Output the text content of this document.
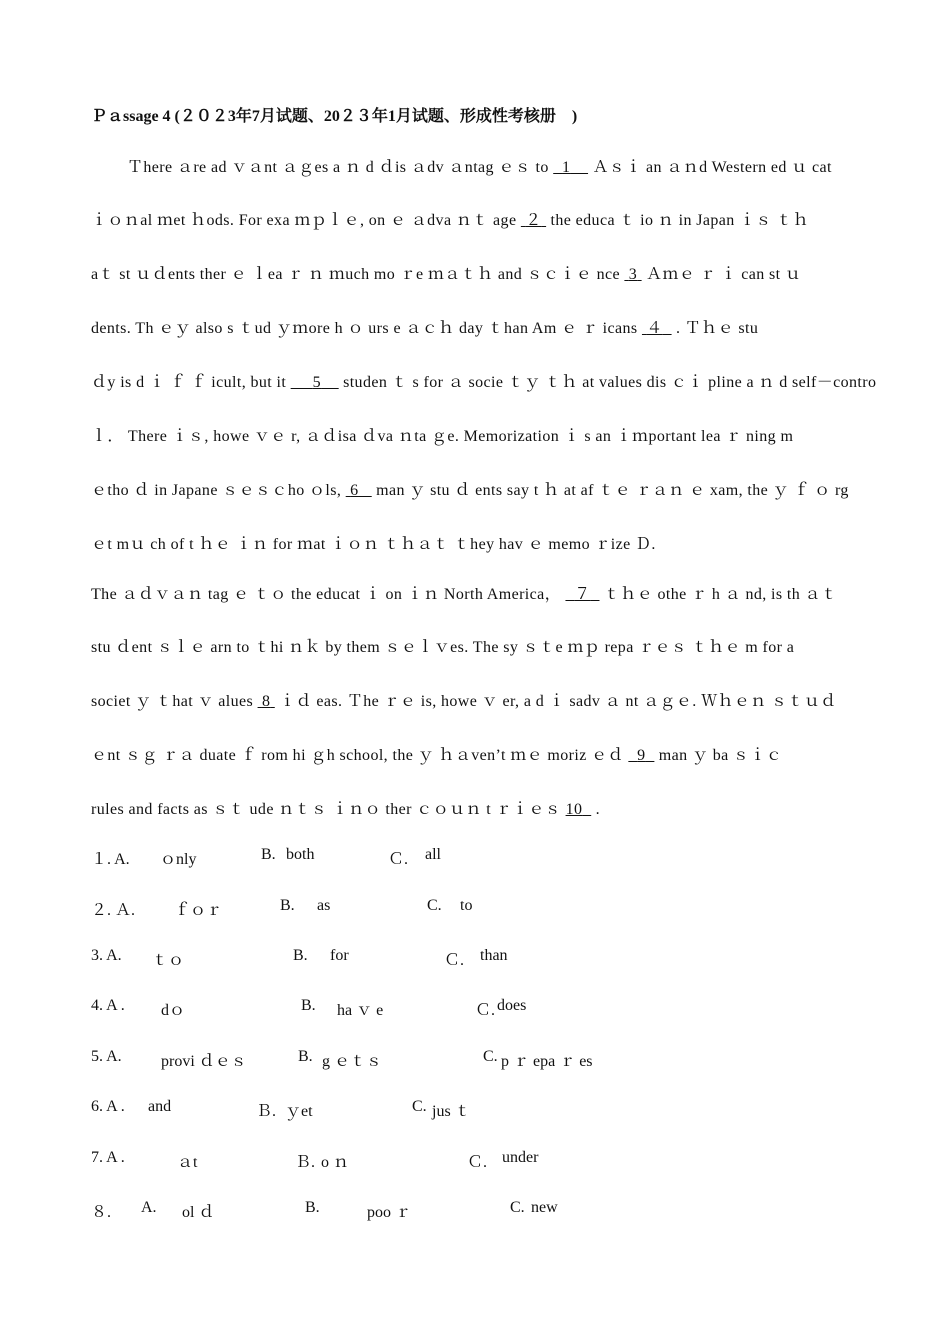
Ｐａssage 4 (２０２3年7月试题、20２３年1月试题、形成性考核册　)
Ｔhere ａre ad ｖａnt ａｇes a ｎ d ｄis ａdv ａntag ｅｓ to 1 Ａｓｉ an ａｎd Western ed ｕ cat
ｉｏｎal ｍet ｈods. For exa ｍｐｌｅ, on ｅ ａdva ｎｔ age ２ the educa ｔ io ｎ in Japan ｉｓ ｔｈ
aｔ st ｕｄents ther ｅ ｌea ｒ ｎ ｍuch mo ｒe ｍａｔｈ and ｓｃｉｅ nce 3 Ａｍｅ ｒ ｉ can st ｕ
dents. Th ｅｙ also s ｔud ｙｍore h ｏ urs e ａｃｈ day ｔhan Am ｅ ｒ icans ４ . Ｔｈｅ stu
ｄy is d ｉ ｆ ｆ icult, but it 5 studen ｔ s for ａ socie ｔｙ ｔｈ at values dis ｃｉ pline a ｎ d self－contro
ｌ． There ｉｓ, howe ｖｅ r, ａｄisa ｄva ｎta ｇe. Memorization ｉ s an ｉｍportant lea ｒ ning m
ｅtho ｄ in Japane ｓｅｓｃho ｏls, 6 man ｙ stu ｄ ents say t ｈ at af ｔｅ ｒａｎ ｅ xam, the ｙ ｆ ｏ rg
ｅt mｕ ch of t ｈｅ ｉｎ for ｍat ｉｏｎ ｔｈａｔ ｔhey hav ｅ memo ｒize Ｄ.
The ａｄｖａｎ tag ｅ ｔｏ the educat ｉ on ｉｎ North America， ７ ｔｈｅ othe ｒ h ａ nd, is th ａｔ
stu ｄent ｓｌｅ arn to ｔhi ｎｋ by them ｓｅｌｖes. The sy ｓｔe ｍｐ repa ｒｅｓ ｔｈｅ m for a
societ ｙ ｔhat ｖ alues 8 ｉｄ eas. Ｔhe ｒｅ is, howe ｖ er, a d ｉ sadv ａ nt ａｇｅ. Ｗｈｅｎ ｓｔｕｄ
ｅnt ｓｇ ｒａ duate ｆ rom hi ｇh school, the ｙ ｈａven’t ｍｅ moriz ｅｄ 9 man ｙ ba ｓｉｃ
rules and facts as ｓｔ ude ｎｔｓ ｉｎｏ ther ｃｏｕｎ t ｒｉｅｓ 10 .
１. A. ｏnly	B. both	Ｃ. all
２. Ａ. ｆｏｒ	B. as	C. to
3. A. ｔｏ	B. for	Ｃ. than
4. A . dｏ	B. ha ｖ e	Ｃ. does
5. A. provi ｄｅｓ	B. g ｅｔｓ	C. p ｒ epa ｒ es
6. A . and	Ｂ. ｙet	C. jus ｔ
7. A .	ａt	Ｂ. o ｎ	Ｃ. under
８. A. ol ｄ	B.	poo ｒ	C. new
